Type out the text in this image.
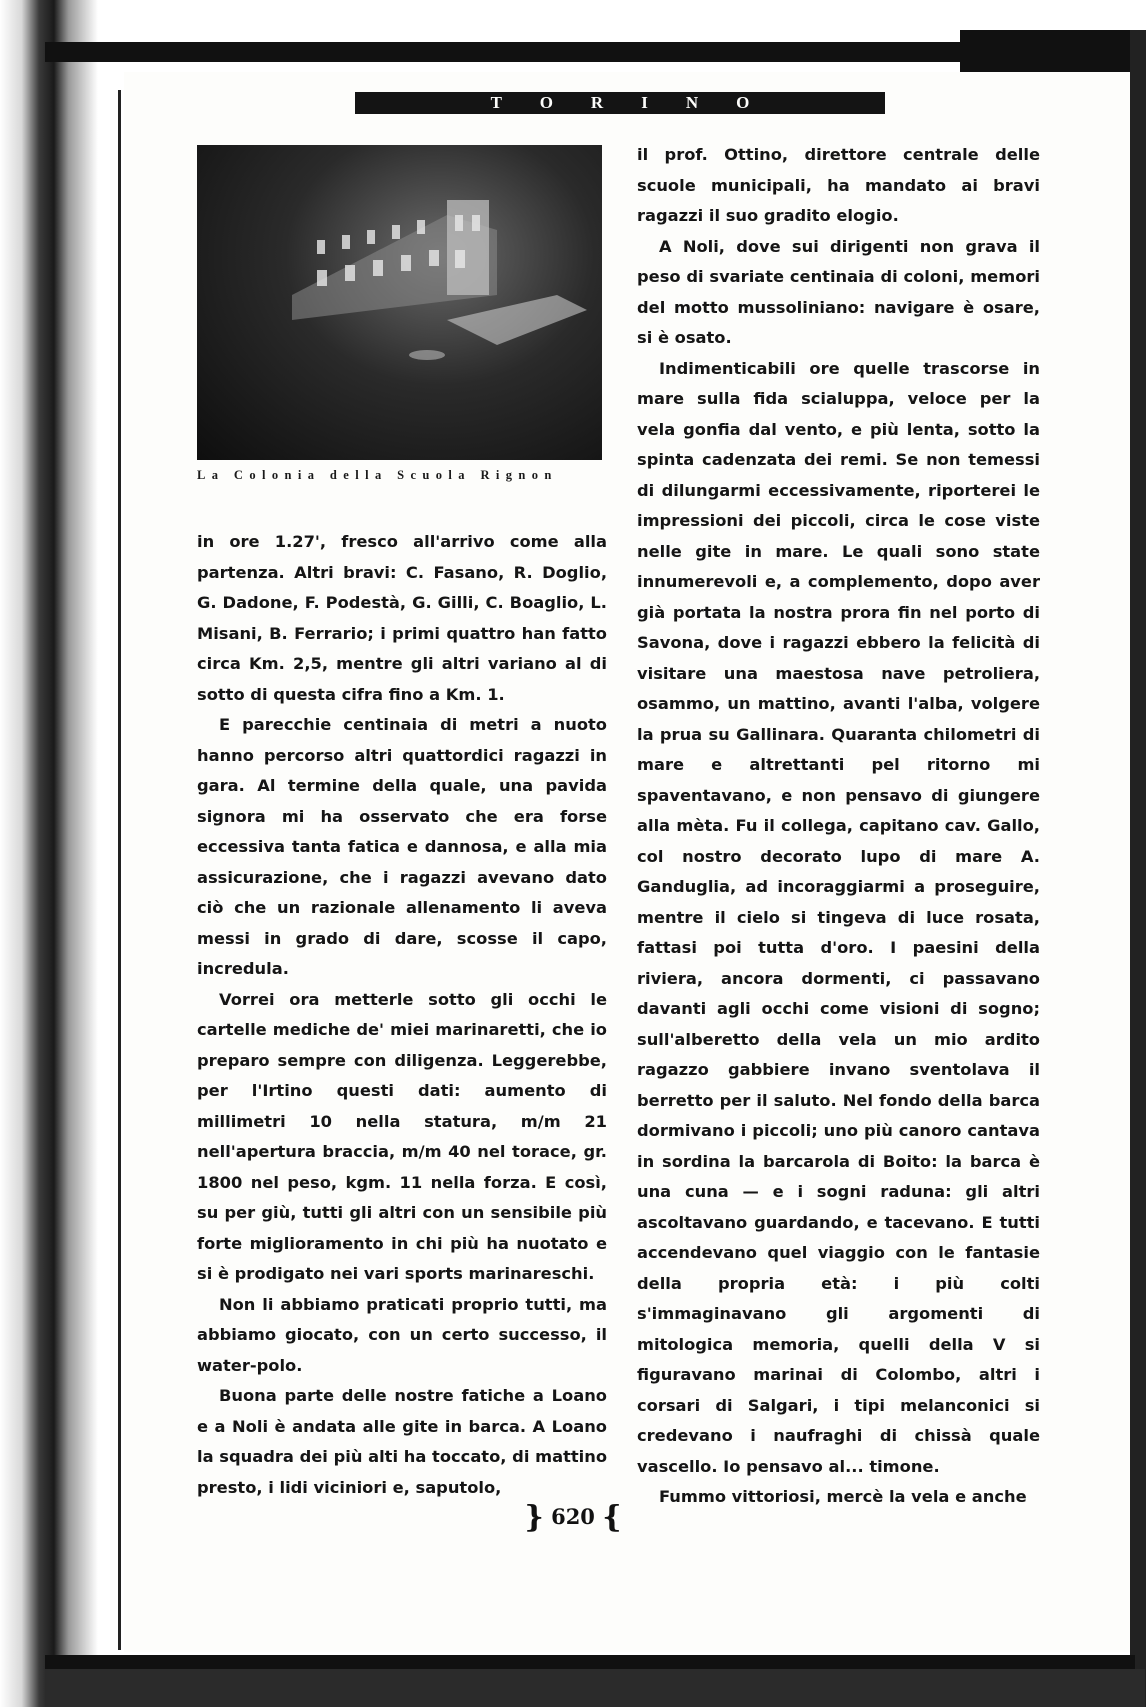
TORINO
La Colonia della Scuola Rignon

in ore 1.27', fresco all'arrivo come alla partenza. Altri bravi: C. Fasano, R. Doglio, G. Dadone, F. Podestà, G. Gilli, C. Boaglio, L. Misani, B. Ferrario; i primi quattro han fatto circa Km. 2,5, mentre gli altri variano al di sotto di questa cifra fino a Km. 1.

E parecchie centinaia di metri a nuoto hanno percorso altri quattordici ragazzi in gara. Al termine della quale, una pavida signora mi ha osservato che era forse eccessiva tanta fatica e dannosa, e alla mia assicurazione, che i ragazzi avevano dato ciò che un razionale allenamento li aveva messi in grado di dare, scosse il capo, incredula.

Vorrei ora metterle sotto gli occhi le cartelle mediche de' miei marinaretti, che io preparo sempre con diligenza. Leggerebbe, per l'Irtino questi dati: aumento di millimetri 10 nella statura, m/m 21 nell'apertura braccia, m/m 40 nel torace, gr. 1800 nel peso, kgm. 11 nella forza. E così, su per giù, tutti gli altri con un sensibile più forte miglioramento in chi più ha nuotato e si è prodigato nei vari sports marinareschi.

Non li abbiamo praticati proprio tutti, ma abbiamo giocato, con un certo successo, il water-polo.

Buona parte delle nostre fatiche a Loano e a Noli è andata alle gite in barca. A Loano la squadra dei più alti ha toccato, di mattino presto, i lidi viciniori e, saputolo,

il prof. Ottino, direttore centrale delle scuole municipali, ha mandato ai bravi ragazzi il suo gradito elogio.

A Noli, dove sui dirigenti non grava il peso di svariate centinaia di coloni, memori del motto mussoliniano: navigare è osare, si è osato.

Indimenticabili ore quelle trascorse in mare sulla fida scialuppa, veloce per la vela gonfia dal vento, e più lenta, sotto la spinta cadenzata dei remi. Se non temessi di dilungarmi eccessivamente, riporterei le impressioni dei piccoli, circa le cose viste nelle gite in mare. Le quali sono state innumerevoli e, a complemento, dopo aver già portata la nostra prora fin nel porto di Savona, dove i ragazzi ebbero la felicità di visitare una maestosa nave petroliera, osammo, un mattino, avanti l'alba, volgere la prua su Gallinara. Quaranta chilometri di mare e altrettanti pel ritorno mi spaventavano, e non pensavo di giungere alla mèta. Fu il collega, capitano cav. Gallo, col nostro decorato lupo di mare A. Ganduglia, ad incoraggiarmi a proseguire, mentre il cielo si tingeva di luce rosata, fattasi poi tutta d'oro. I paesini della riviera, ancora dormenti, ci passavano davanti agli occhi come visioni di sogno; sull'alberetto della vela un mio ardito ragazzo gabbiere invano sventolava il berretto per il saluto. Nel fondo della barca dormivano i piccoli; uno più canoro cantava in sordina la barcarola di Boito: la barca è una cuna — e i sogni raduna: gli altri ascoltavano guardando, e tacevano. E tutti accendevano quel viaggio con le fantasie della propria età: i più colti s'immaginavano gli argomenti di mitologica memoria, quelli della V si figuravano marinai di Colombo, altri i corsari di Salgari, i tipi melanconici si credevano i naufraghi di chissà quale vascello. Io pensavo al... timone.

Fummo vittoriosi, mercè la vela e anche

} 620 {
